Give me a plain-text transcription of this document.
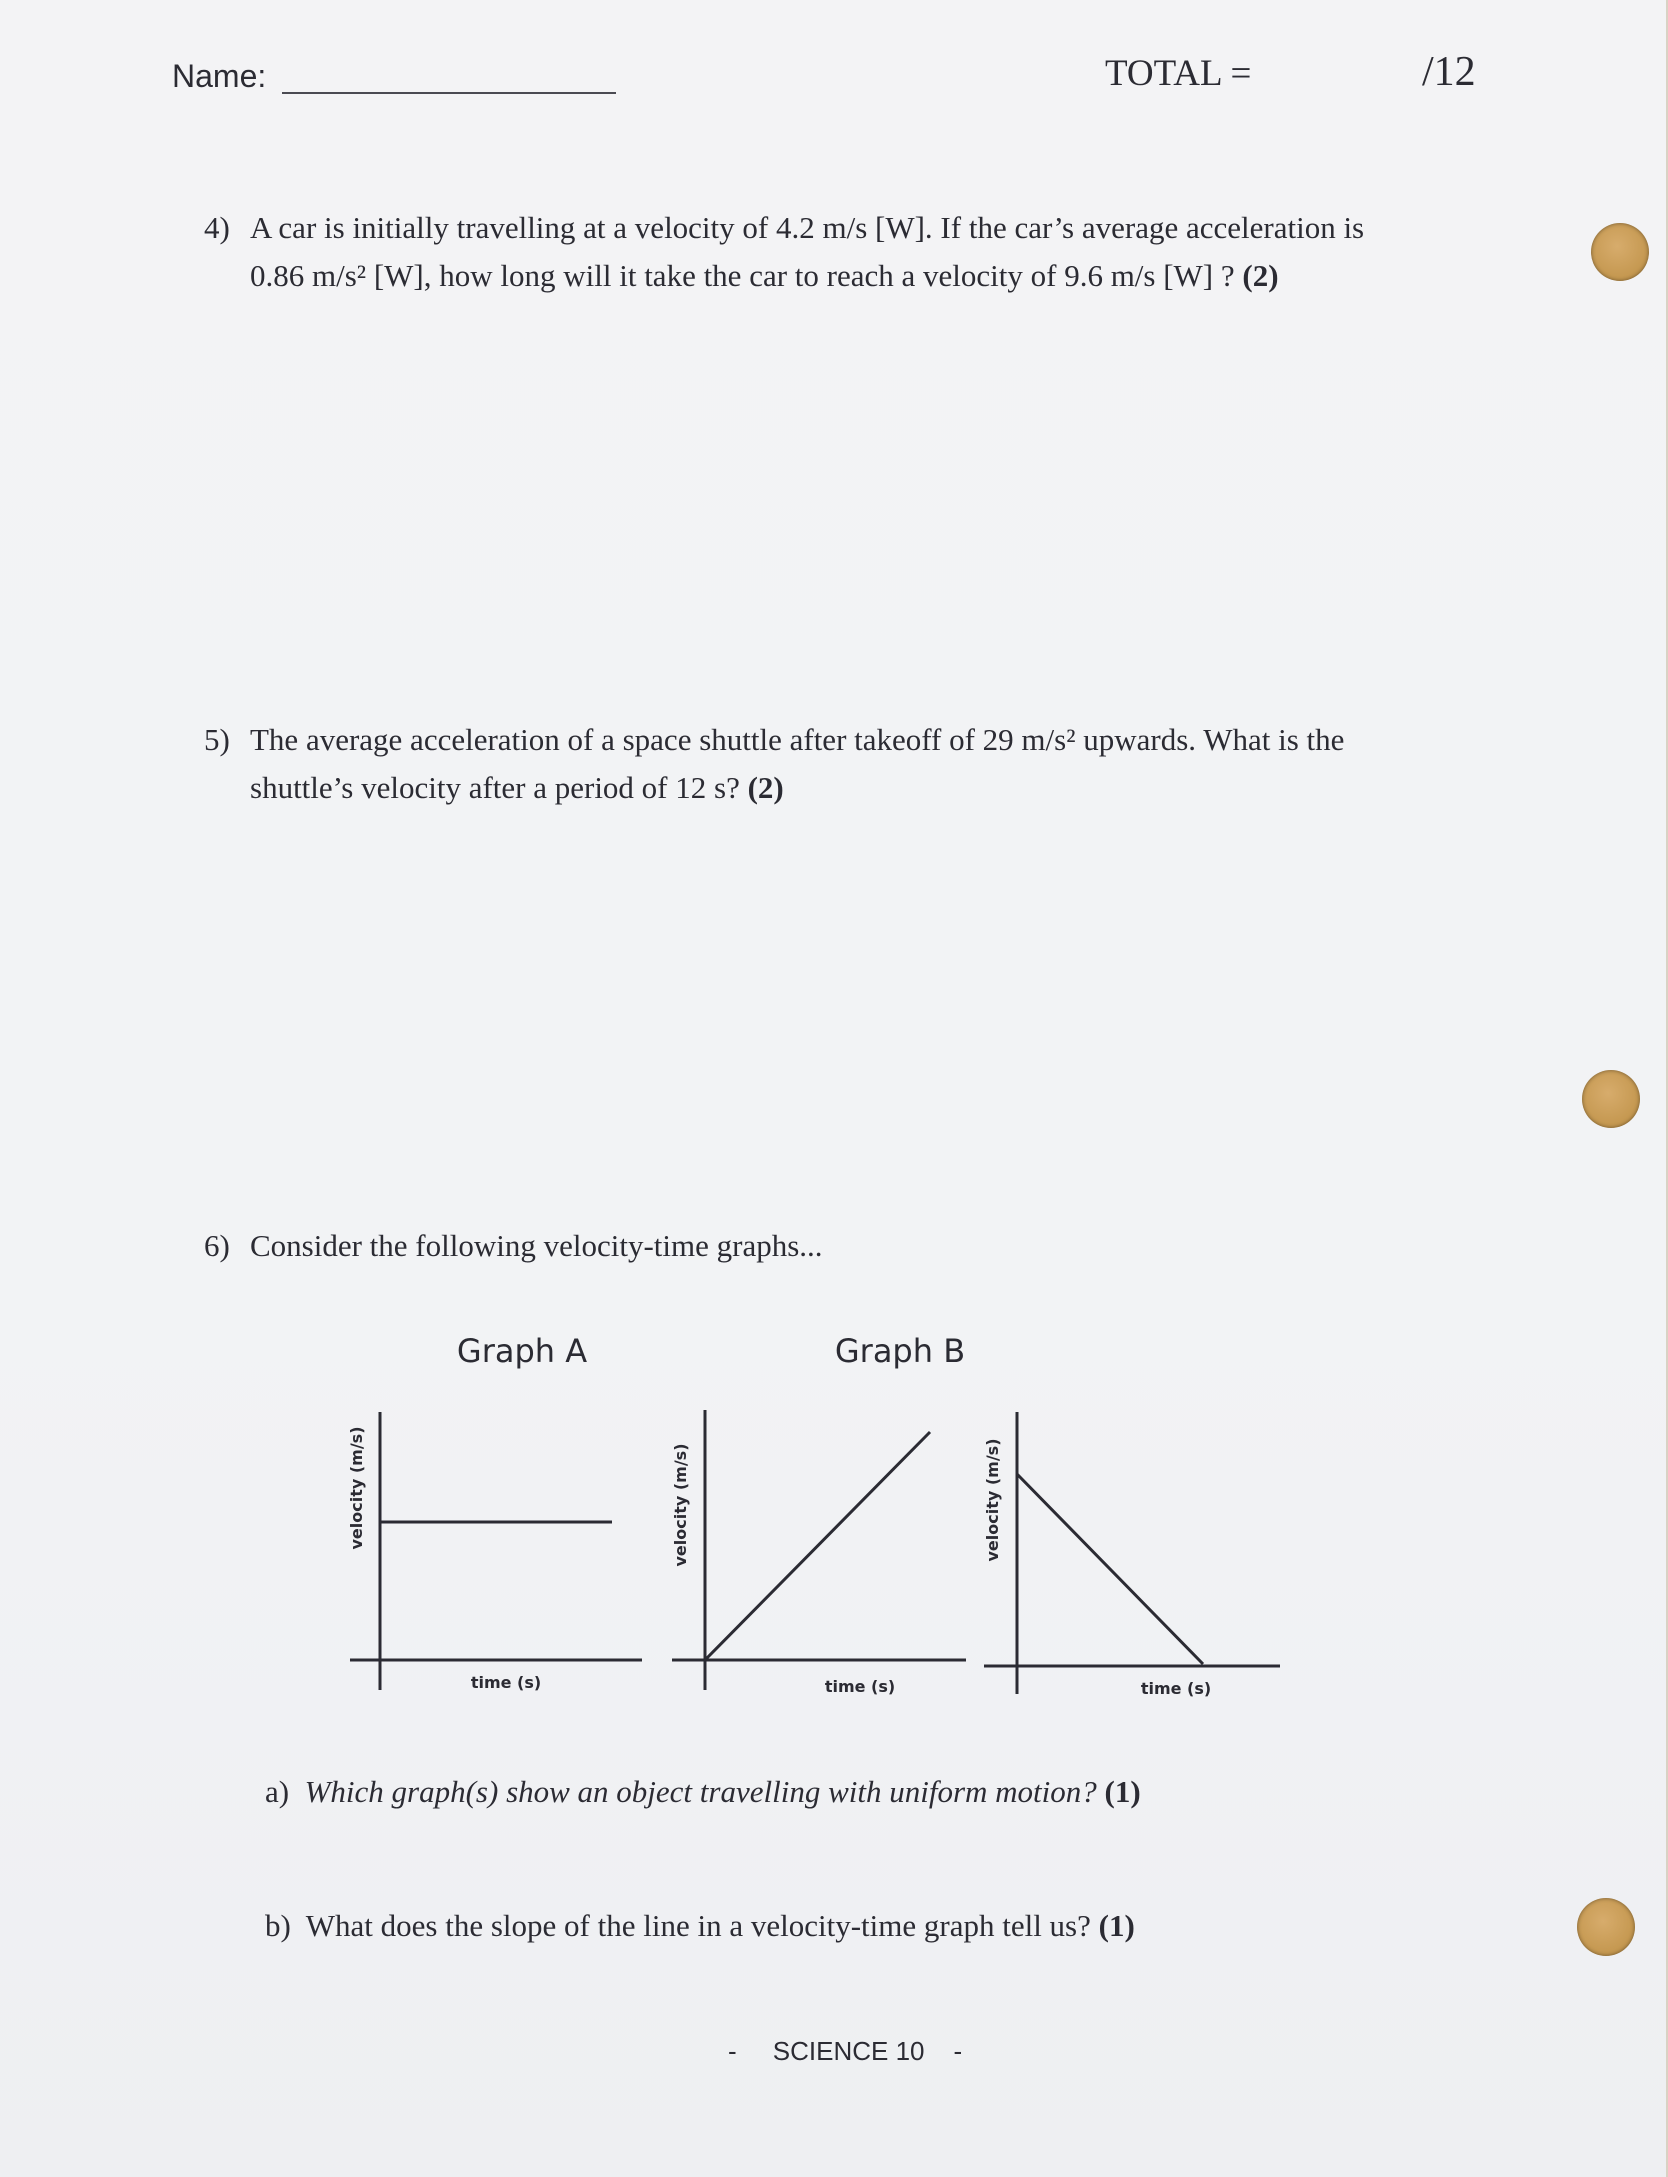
Name:	TOTAL =	/12
4) A car is initially travelling at a velocity of 4.2 m/s [W]. If the car’s average acceleration is
0.86 m/s² [W], how long will it take the car to reach a velocity of 9.6 m/s [W] ? (2)
5) The average acceleration of a space shuttle after takeoff of 29 m/s² upwards. What is the
shuttle’s velocity after a period of 12 s? (2)
6) Consider the following velocity-time graphs...
Graph A	Graph B
velocity (m/s)
time (s)
velocity (m/s)
time (s)
velocity (m/s)
time (s)
a) Which graph(s) show an object travelling with uniform motion? (1)
b) What does the slope of the line in a velocity-time graph tell us? (1)
- SCIENCE 10 -
